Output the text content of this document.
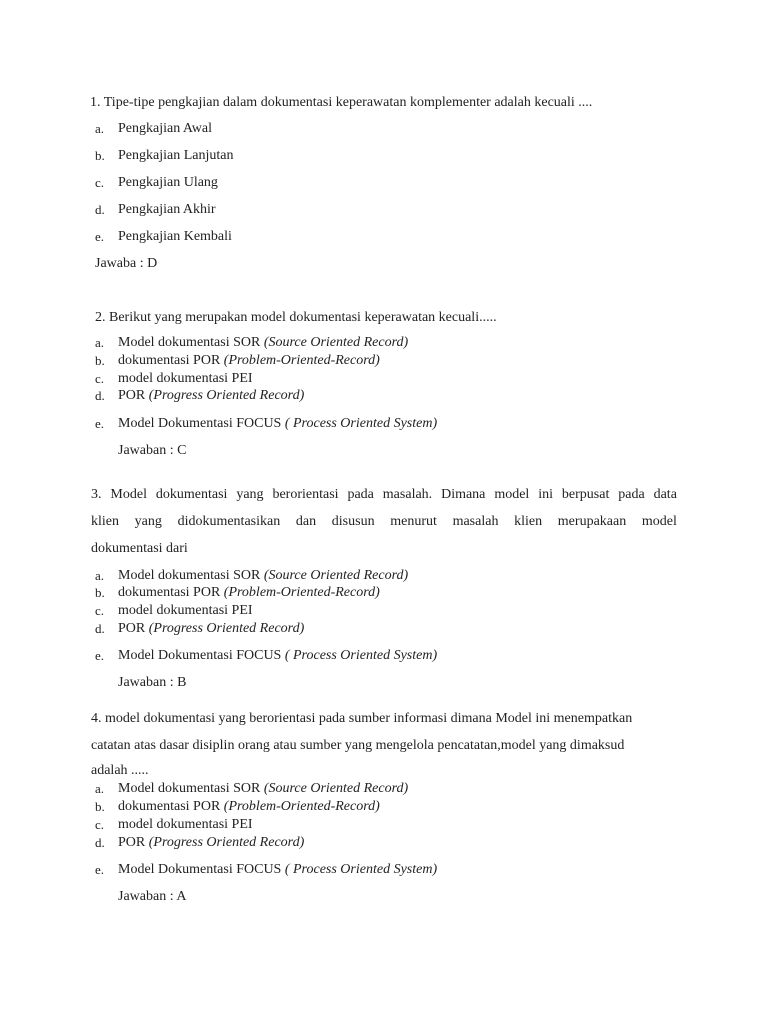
1. Tipe-tipe pengkajian dalam dokumentasi keperawatan komplementer adalah kecuali ....
a. Pengkajian Awal
b. Pengkajian Lanjutan
c. Pengkajian Ulang
d. Pengkajian Akhir
e. Pengkajian Kembali
Jawaba : D
2. Berikut yang merupakan model dokumentasi keperawatan kecuali.....
a. Model dokumentasi SOR (Source Oriented Record)
b. dokumentasi POR (Problem-Oriented-Record)
c. model dokumentasi PEI
d. POR (Progress Oriented Record)
e. Model Dokumentasi FOCUS ( Process Oriented System)
Jawaban : C
3. Model dokumentasi yang berorientasi pada masalah. Dimana model ini berpusat pada data
klien yang didokumentasikan dan disusun menurut masalah klien merupakaan model
dokumentasi dari
a. Model dokumentasi SOR (Source Oriented Record)
b. dokumentasi POR (Problem-Oriented-Record)
c. model dokumentasi PEI
d. POR (Progress Oriented Record)
e. Model Dokumentasi FOCUS ( Process Oriented System)
Jawaban : B
4. model dokumentasi yang berorientasi pada sumber informasi dimana Model ini menempatkan
catatan atas dasar disiplin orang atau sumber yang mengelola pencatatan,model yang dimaksud
adalah .....
a. Model dokumentasi SOR (Source Oriented Record)
b. dokumentasi POR (Problem-Oriented-Record)
c. model dokumentasi PEI
d. POR (Progress Oriented Record)
e. Model Dokumentasi FOCUS ( Process Oriented System)
Jawaban : A
